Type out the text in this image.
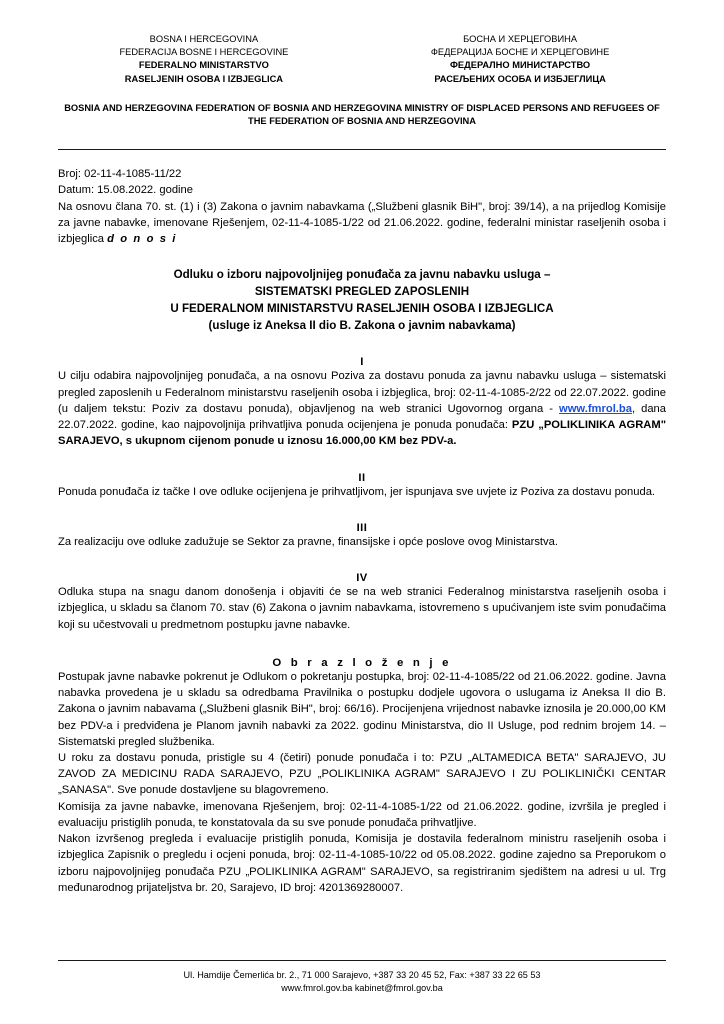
BOSNA I HERCEGOVINA
FEDERACIJA BOSNE I HERCEGOVINE
FEDERALNO MINISTARSTVO
RASELJENIH OSOBA I IZBJEGLICA
БОСНА И ХЕРЦЕГОВИНА
ФЕДЕРАЦИЈА БОСНЕ И ХЕРЦЕГОВИНЕ
ФЕДЕРАЛНО МИНИСТАРСТВО
РАСЕЉЕНИХ ОСОБА И ИЗБЈЕГЛИЦА
BOSNIA AND HERZEGOVINA FEDERATION OF BOSNIA AND HERZEGOVINA MINISTRY OF DISPLACED PERSONS AND REFUGEES OF THE FEDERATION OF BOSNIA AND HERZEGOVINA
Broj: 02-11-4-1085-11/22
Datum: 15.08.2022. godine

Na osnovu člana 70. st. (1) i (3) Zakona o javnim nabavkama („Službeni glasnik BiH", broj: 39/14), a na prijedlog Komisije za javne nabavke, imenovane Rješenjem, 02-11-4-1085-1/22 od 21.06.2022. godine, federalni ministar raseljenih osoba i izbjeglica d o n o s i

Odluku o izboru najpovoljnijeg ponuđača za javnu nabavku usluga –
SISTEMATSKI PREGLED ZAPOSLENIH
U FEDERALNOM MINISTARSTVU RASELJENIH OSOBA I IZBJEGLICA
(usluge iz Aneksa II dio B. Zakona o javnim nabavkama)
I

U cilju odabira najpovoljnijeg ponuđača, a na osnovu Poziva za dostavu ponuda za javnu nabavku usluga – sistematski pregled zaposlenih u Federalnom ministarstvu raseljenih osoba i izbjeglica, broj: 02-11-4-1085-2/22 od 22.07.2022. godine (u daljem tekstu: Poziv za dostavu ponuda), objavljenog na web stranici Ugovornog organa - www.fmrol.ba, dana 22.07.2022. godine, kao najpovoljnija prihvatljiva ponuda ocijenjena je ponuda ponuđača: PZU „POLIKLINIKA AGRAM" SARAJEVO, s ukupnom cijenom ponude u iznosu 16.000,00 KM bez PDV-a.

II

Ponuda ponuđača iz tačke I ove odluke ocijenjena je prihvatljivom, jer ispunjava sve uvjete iz Poziva za dostavu ponuda.

III

Za realizaciju ove odluke zadužuje se Sektor za pravne, finansijske i opće poslove ovog Ministarstva.

IV

Odluka stupa na snagu danom donošenja i objaviti će se na web stranici Federalnog ministarstva raseljenih osoba i izbjeglica, u skladu sa članom 70. stav (6) Zakona o javnim nabavkama, istovremeno s upućivanjem iste svim ponuđačima koji su učestvovali u predmetnom postupku javne nabavke.

O b r a z l o ž e n j e

Postupak javne nabavke pokrenut je Odlukom o pokretanju postupka, broj: 02-11-4-1085/22 od 21.06.2022. godine. Javna nabavka provedena je u skladu sa odredbama Pravilnika o postupku dodjele ugovora o uslugama iz Aneksa II dio B. Zakona o javnim nabavama („Službeni glasnik BiH", broj: 66/16). Procijenjena vrijednost nabavke iznosila je 20.000,00 KM bez PDV-a i predviđena je Planom javnih nabavki za 2022. godinu Ministarstva, dio II Usluge, pod rednim brojem 14. – Sistematski pregled službenika.

U roku za dostavu ponuda, pristigle su 4 (četiri) ponude ponuđača i to: PZU „ALTAMEDICA BETA" SARAJEVO, JU ZAVOD ZA MEDICINU RADA SARAJEVO, PZU „POLIKLINIKA AGRAM" SARAJEVO I ZU POLIKLINIČKI CENTAR „SANASA". Sve ponude dostavljene su blagovremeno.

Komisija za javne nabavke, imenovana Rješenjem, broj: 02-11-4-1085-1/22 od 21.06.2022. godine, izvršila je pregled i evaluaciju pristiglih ponuda, te konstatovala da su sve ponude ponuđača prihvatljive.

Nakon izvršenog pregleda i evaluacije pristiglih ponuda, Komisija je dostavila federalnom ministru raseljenih osoba i izbjeglica Zapisnik o pregledu i ocjeni ponuda, broj: 02-11-4-1085-10/22 od 05.08.2022. godine zajedno sa Preporukom o izboru najpovoljnijeg ponuđača PZU „POLIKLINIKA AGRAM" SARAJEVO, sa registriranim sjedištem na adresi u ul. Trg međunarodnog prijateljstva br. 20, Sarajevo, ID broj: 4201369280007.

Ul. Hamdije Čemerlića br. 2., 71 000 Sarajevo, +387 33 20 45 52, Fax: +387 33 22 65 53
www.fmrol.gov.ba kabinet@fmrol.gov.ba
